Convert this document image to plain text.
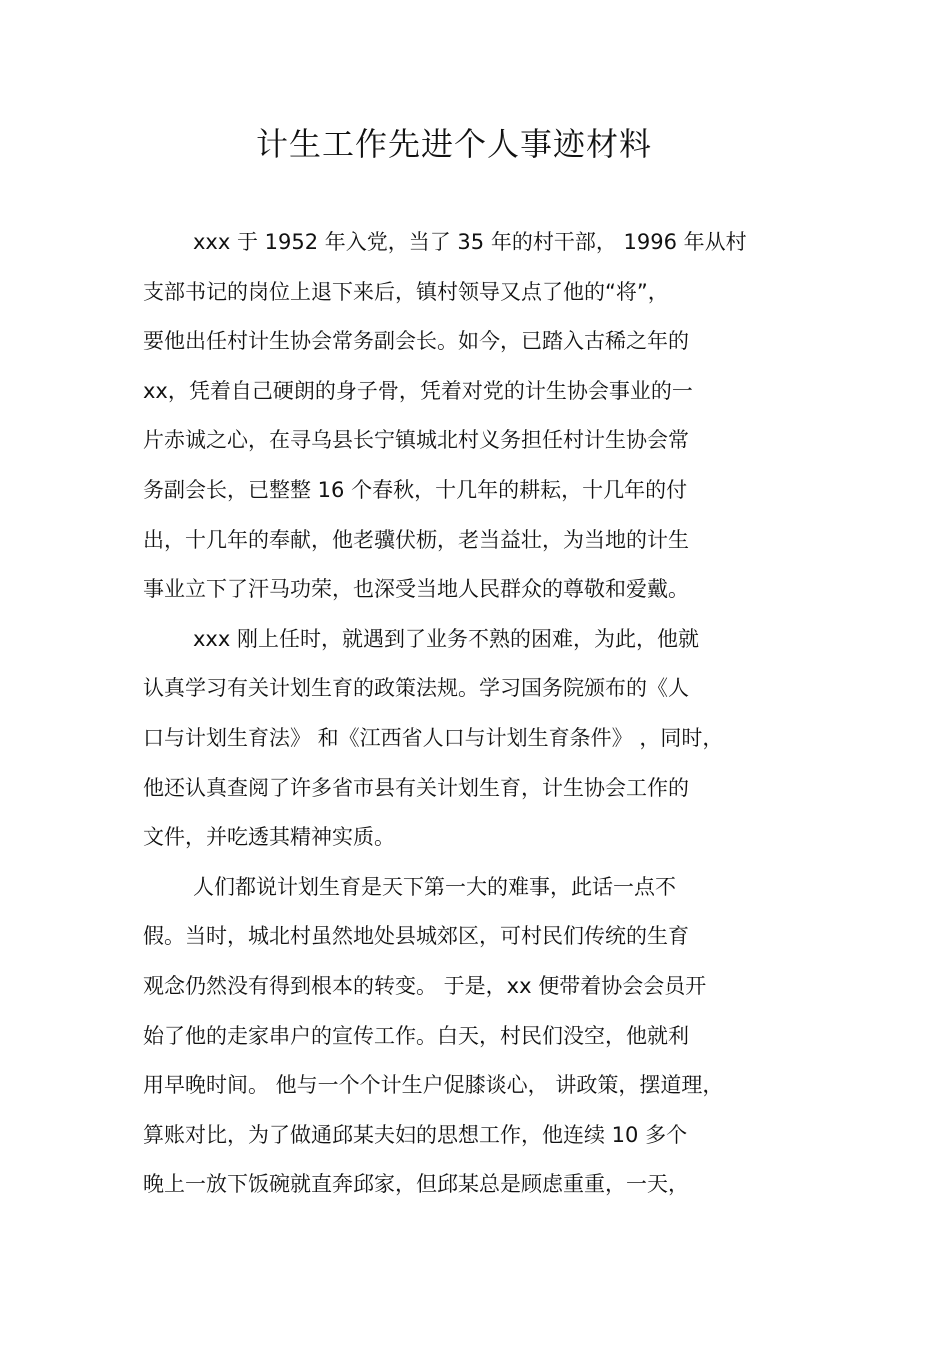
计生工作先进个人事迹材料
xxx 于 1952 年入党，当了 35 年的村干部， 1996 年从村
支部书记的岗位上退下来后，镇村领导又点了他的“将”，
要他出任村计生协会常务副会长。如今，已踏入古稀之年的
xx，凭着自己硬朗的身子骨，凭着对党的计生协会事业的一
片赤诚之心，在寻乌县长宁镇城北村义务担任村计生协会常
务副会长，已整整 16 个春秋，十几年的耕耘，十几年的付
出，十几年的奉献，他老骥伏枥，老当益壮，为当地的计生
事业立下了汗马功荣，也深受当地人民群众的尊敬和爱戴。
xxx 刚上任时，就遇到了业务不熟的困难，为此，他就
认真学习有关计划生育的政策法规。学习国务院颁布的《人
口与计划生育法》 和《江西省人口与计划生育条件》 ，同时，
他还认真查阅了许多省市县有关计划生育，计生协会工作的
文件，并吃透其精神实质。
人们都说计划生育是天下第一大的难事，此话一点不
假。当时，城北村虽然地处县城郊区，可村民们传统的生育
观念仍然没有得到根本的转变。 于是，xx 便带着协会会员开
始了他的走家串户的宣传工作。白天，村民们没空，他就利
用早晚时间。 他与一个个计生户促膝谈心， 讲政策，摆道理，
算账对比，为了做通邱某夫妇的思想工作，他连续 10 多个
晚上一放下饭碗就直奔邱家，但邱某总是顾虑重重，一天，
